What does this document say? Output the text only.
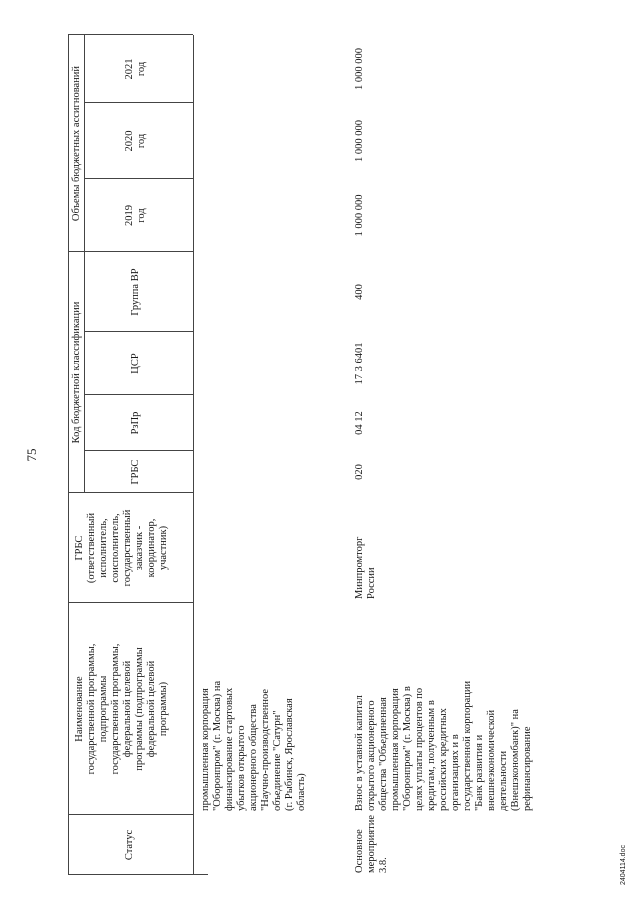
75
Статус
Наименование
государственной программы,
подпрограммы
государственной программы,
федеральной целевой
программы (подпрограммы
федеральной целевой
программы)
ГРБС
(ответственный
исполнитель,
соисполнитель,
государственный
заказчик -
координатор,
участник)
Код бюджетной классификации
ГРБС
РзПр
ЦСР
Группа ВР
Объемы бюджетных ассигнований	2019
год
2020
год
2021
год
промышленная корпорация
"Оборонпром" (г. Москва) на
финансирование стартовых
убытков открытого
акционерного общества
"Научно-производственное
объединение "Сатурн"
(г. Рыбинск, Ярославская
область)
Основное
мероприятие 3.8.
Взнос в уставной капитал
открытого акционерного
общества "Объединенная
промышленная корпорация
"Оборонпром" (г. Москва) в
целях уплаты процентов по
кредитам, полученным в
российских кредитных
организациях и в
государственной корпорации
"Банк развития и
внешнеэкономической
деятельности
(Внешэкономбанк)" на
рефинансирование
Минпромторг
России
020
04 12
17 3 6401
400
1 000 000
1 000 000
1 000 000
2404114.doc
